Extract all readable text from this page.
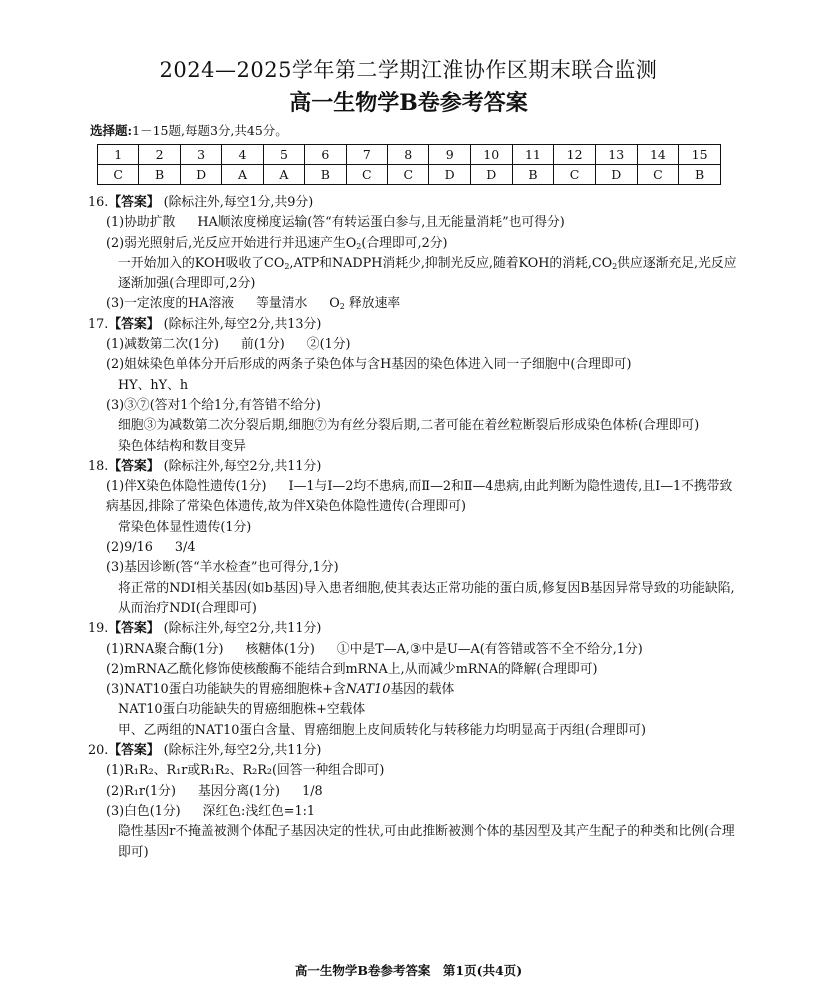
2024—2025学年第二学期江淮协作区期末联合监测
高一生物学B卷参考答案
选择题:1－15题,每题3分,共45分。
1	2	3	4	5	6	7	8	9	10	11	12	13	14	15
C	B	D	A	A	B	C	C	D	D	B	C	D	C	B
16.【答案】 (除标注外,每空1分,共9分)
(1)协助扩散 HA顺浓度梯度运输(答“有转运蛋白参与,且无能量消耗”也可得分)
(2)弱光照射后,光反应开始进行并迅速产生$O_2$(合理即可,2分)
一开始加入的KOH吸收了$CO_2,ATP$和NADPH消耗少,抑制光反应,随着KOH的消耗$,CO_2$供应逐渐充足,光反应逐渐加强(合理即可,2分)
(3)一定浓度的HA溶液 等量清水 $O_2$ 释放速率
17.【答案】 (除标注外,每空2分,共13分)
(1)减数第二次(1分) 前(1分) ②(1分)
(2)姐妹染色单体分开后形成的两条子染色体与含H基因的染色体进入同一子细胞中(合理即可)
HY、hY、h
(3)③⑦(答对1个给1分,有答错不给分)
细胞③为减数第二次分裂后期,细胞⑦为有丝分裂后期,二者可能在着丝粒断裂后形成染色体桥(合理即可)
染色体结构和数目变异
18.【答案】 (除标注外,每空2分,共11分)
(1)伴X染色体隐性遗传(1分) Ⅰ—1与Ⅰ—2均不患病,而Ⅱ—2和Ⅱ—4患病,由此判断为隐性遗传,且Ⅰ—1不携带致病基因,排除了常染色体遗传,故为伴X染色体隐性遗传(合理即可)
常染色体显性遗传(1分)
(2)9/16 3/4
(3)基因诊断(答“羊水检查”也可得分,1分)
将正常的NDI相关基因(如b基因)导入患者细胞,使其表达正常功能的蛋白质,修复因B基因异常导致的功能缺陷,从而治疗NDI(合理即可)
19.【答案】 (除标注外,每空2分,共11分)
(1)RNA聚合酶(1分) 核糖体(1分) ①中是T—A,③中是U—A(有答错或答不全不给分,1分)
(2)mRNA乙酰化修饰使核酸酶不能结合到mRNA上,从而减少mRNA的降解(合理即可)
(3)NAT10蛋白功能缺失的胃癌细胞株+含NAT10基因的载体
NAT10蛋白功能缺失的胃癌细胞株+空载体
甲、乙两组的NAT10蛋白含量、胃癌细胞上皮间质转化与转移能力均明显高于丙组(合理即可)
20.【答案】 (除标注外,每空2分,共11分)
(1)R₁R₂、R₁r或R₁R₂、R₂R₂(回答一种组合即可)
(2)R₁r(1分) 基因分离(1分) 1/8
(3)白色(1分) 深红色:浅红色=1:1
隐性基因r不掩盖被测个体配子基因决定的性状,可由此推断被测个体的基因型及其产生配子的种类和比例(合理即可)
高一生物学B卷参考答案　第1页(共4页)
